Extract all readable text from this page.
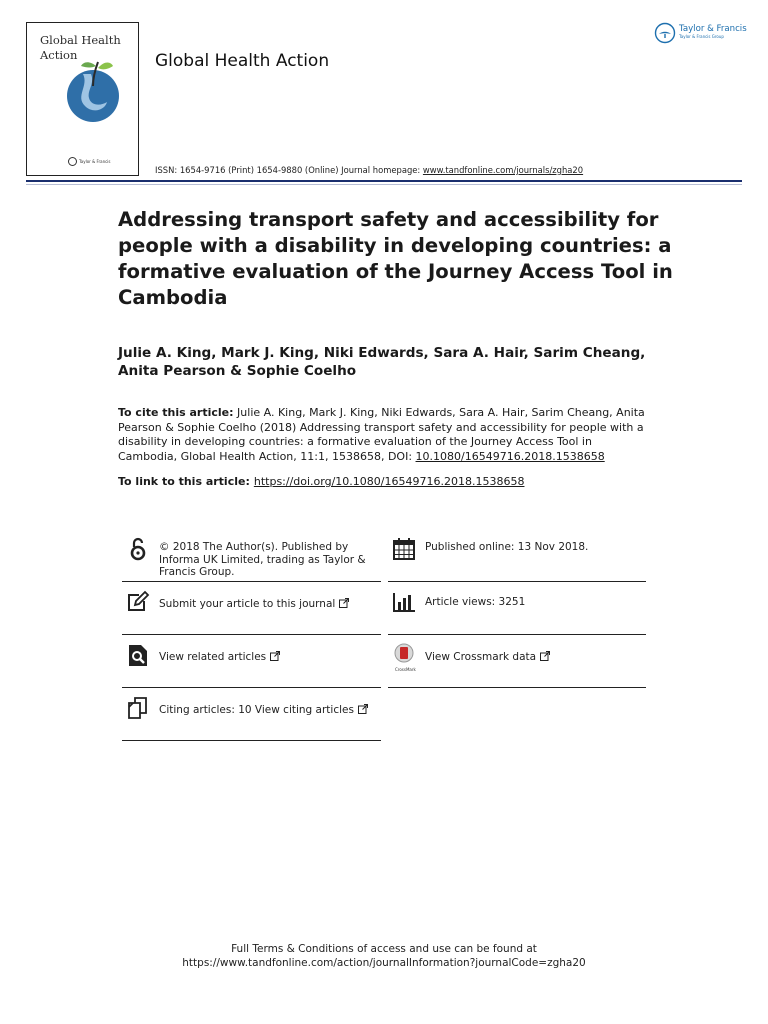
Global Health
Action
Taylor & Francis
Global Health Action
ISSN: 1654-9716 (Print) 1654-9880 (Online) Journal homepage: www.tandfonline.com/journals/zgha20
Taylor & Francis
Taylor & Francis Group
Addressing transport safety and accessibility for people with a disability in developing countries: a formative evaluation of the Journey Access Tool in Cambodia
Julie A. King, Mark J. King, Niki Edwards, Sara A. Hair, Sarim Cheang, Anita Pearson & Sophie Coelho
To cite this article: Julie A. King, Mark J. King, Niki Edwards, Sara A. Hair, Sarim Cheang, Anita Pearson & Sophie Coelho (2018) Addressing transport safety and accessibility for people with a disability in developing countries: a formative evaluation of the Journey Access Tool in Cambodia, Global Health Action, 11:1, 1538658, DOI: 10.1080/16549716.2018.1538658
To link to this article: https://doi.org/10.1080/16549716.2018.1538658
© 2018 The Author(s). Published by Informa UK Limited, trading as Taylor & Francis Group.
Published online: 13 Nov 2018.
Submit your article to this journal	Article views: 3251
View related articles
CrossMark
View Crossmark data
Citing articles: 10 View citing articles
Full Terms & Conditions of access and use can be found at
https://www.tandfonline.com/action/journalInformation?journalCode=zgha20
